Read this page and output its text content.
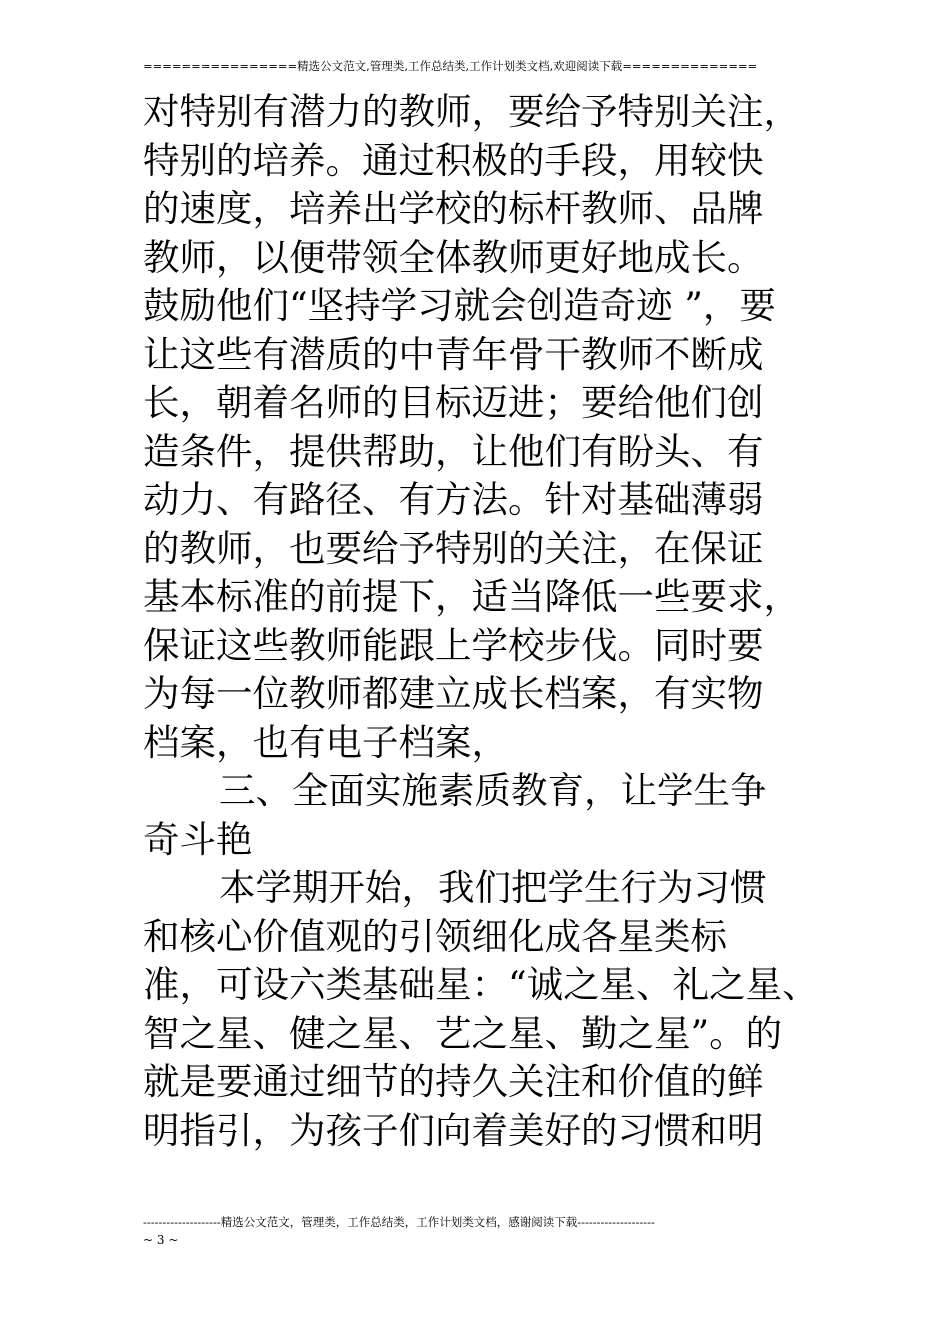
================精选公文范文,管理类,工作总结类,工作计划类文档,欢迎阅读下载==============
对特别有潜力的教师，要给予特别关注，
特别的培养。通过积极的手段，用较快
的速度，培养出学校的标杆教师、品牌
教师，以便带领全体教师更好地成长。
鼓励他们“坚持学习就会创造奇迹 ”，要
让这些有潜质的中青年骨干教师不断成
长，朝着名师的目标迈进；要给他们创
造条件，提供帮助，让他们有盼头、有
动力、有路径、有方法。针对基础薄弱
的教师，也要给予特别的关注，在保证
基本标准的前提下，适当降低一些要求，
保证这些教师能跟上学校步伐。同时要
为每一位教师都建立成长档案，有实物
档案，也有电子档案，
三、全面实施素质教育，让学生争
奇斗艳
本学期开始，我们把学生行为习惯
和核心价值观的引领细化成各星类标
准，可设六类基础星：“诚之星、礼之星、
智之星、健之星、艺之星、勤之星”。的
就是要通过细节的持久关注和价值的鲜
明指引，为孩子们向着美好的习惯和明
--------------------精选公文范文，管理类，工作总结类，工作计划类文档，感谢阅读下载--------------------
~ 3 ~
